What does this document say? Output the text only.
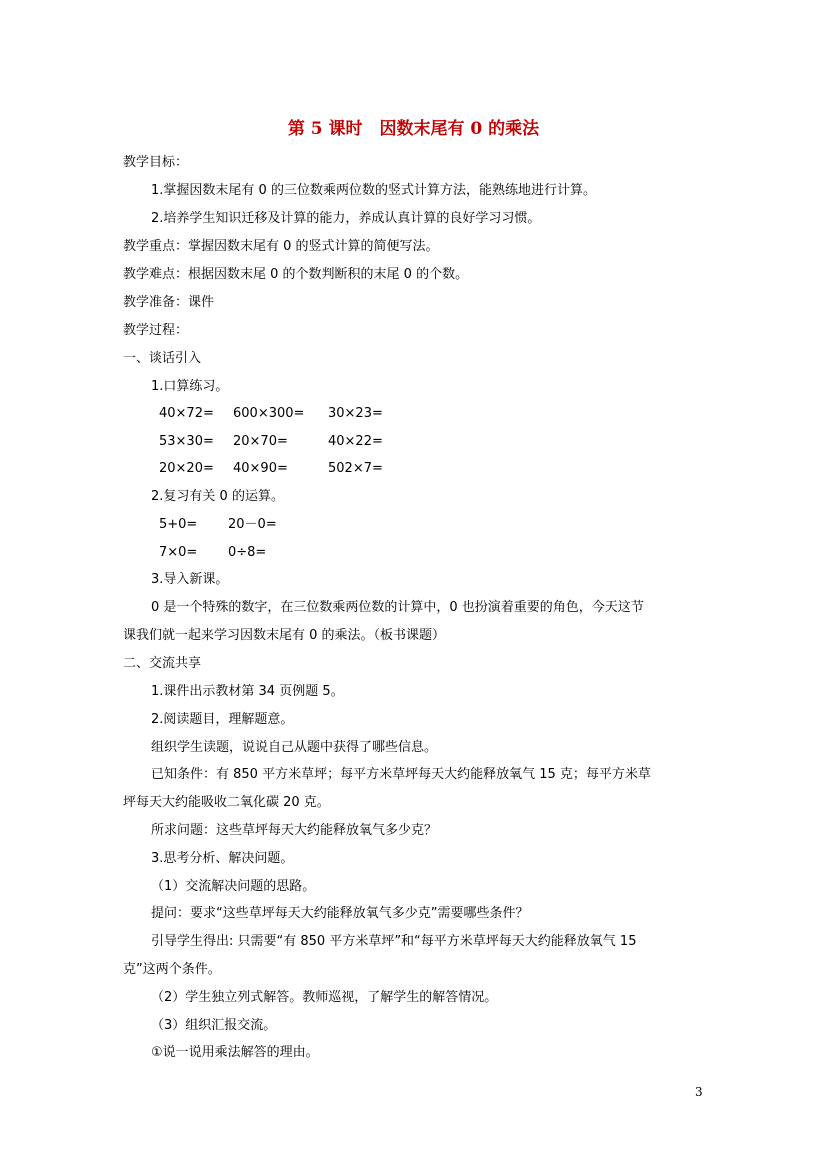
第 5 课时　因数末尾有 0 的乘法
教学目标：
1.掌握因数末尾有 0 的三位数乘两位数的竖式计算方法，能熟练地进行计算。
2.培养学生知识迁移及计算的能力，养成认真计算的良好学习习惯。
教学重点：掌握因数末尾有 0 的竖式计算的简便写法。
教学难点：根据因数末尾 0 的个数判断积的末尾 0 的个数。
教学准备：课件
教学过程：
一、谈话引入
1.口算练习。
40×72= 600×300= 30×23=
53×30= 20×70=	40×22=
20×20= 40×90=	502×7=
2.复习有关 0 的运算。
5+0= 20－0=
7×0= 0÷8=
3.导入新课。
0 是一个特殊的数字，在三位数乘两位数的计算中，0 也扮演着重要的角色，今天这节
课我们就一起来学习因数末尾有 0 的乘法。（板书课题）
二、交流共享
1.课件出示教材第 34 页例题 5。
2.阅读题目，理解题意。
组织学生读题，说说自己从题中获得了哪些信息。
已知条件：有 850 平方米草坪；每平方米草坪每天大约能释放氧气 15 克；每平方米草
坪每天大约能吸收二氧化碳 20 克。
所求问题：这些草坪每天大约能释放氧气多少克？
3.思考分析、解决问题。
（1）交流解决问题的思路。
提问：要求“这些草坪每天大约能释放氧气多少克”需要哪些条件？
引导学生得出: 只需要“有 850 平方米草坪”和“每平方米草坪每天大约能释放氧气 15
克”这两个条件。
（2）学生独立列式解答。教师巡视，了解学生的解答情况。
（3）组织汇报交流。
①说一说用乘法解答的理由。
3
